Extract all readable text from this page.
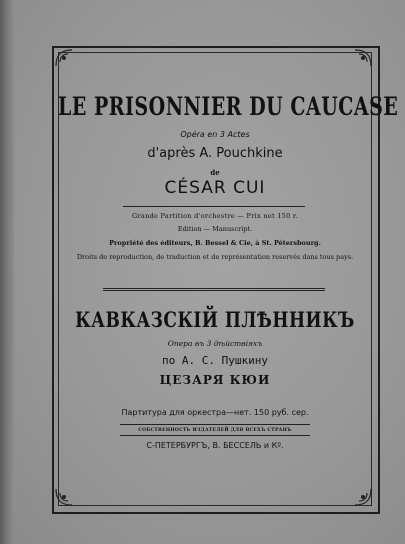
LE PRISONNIER DU CAUCASE
Opéra en 3 Actes
d'après A. Pouchkine
de
CÉSAR CUI
Grande Partition d'orchestre — Prix net 150 r.
Edition — Manuscript.
Propriété des éditeurs, B. Bessel & Cie, à St. Pétersbourg.
Droits de reproduction, de traduction et de représentation reservés dans tous pays.
КАВКАЗСКІЙ ПЛѢННИКЪ
Опера въ 3 дѣйствіяхъ
по А. С. Пушкину
ЦЕЗАРЯ КЮИ
Партитура для оркестра—нет. 150 руб. сер.
СОБСТВЕННОСТЬ ИЗДАТЕЛЕЙ ДЛЯ ВСЕХЪ СТРАНЪ
С-ПЕТЕРБУРГЪ, В. БЕССЕЛЬ и Кº.
